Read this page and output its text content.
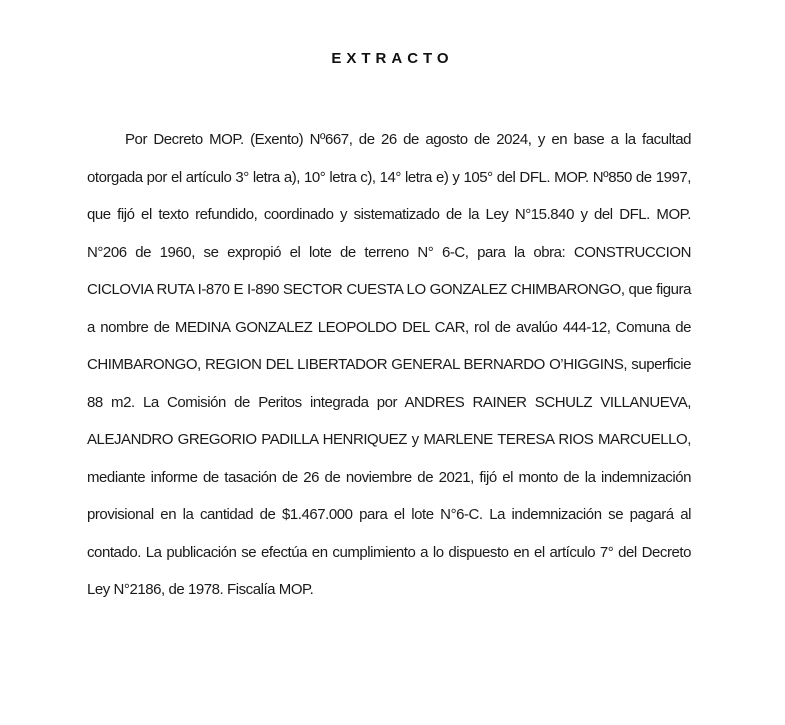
EXTRACTO

Por Decreto MOP. (Exento) Nº667, de 26 de agosto de 2024, y en base a la facultad otorgada por el artículo 3° letra a), 10° letra c), 14° letra e) y 105° del DFL. MOP. Nº850 de 1997, que fijó el texto refundido, coordinado y sistematizado de la Ley N°15.840 y del DFL. MOP. N°206 de 1960, se expropió el lote de terreno N° 6-C, para la obra: CONSTRUCCION CICLOVIA RUTA I-870 E I-890 SECTOR CUESTA LO GONZALEZ CHIMBARONGO, que figura a nombre de MEDINA GONZALEZ LEOPOLDO DEL CAR, rol de avalúo 444-12, Comuna de CHIMBARONGO, REGION DEL LIBERTADOR GENERAL BERNARDO O’HIGGINS, superficie 88 m2. La Comisión de Peritos integrada por ANDRES RAINER SCHULZ VILLANUEVA, ALEJANDRO GREGORIO PADILLA HENRIQUEZ y MARLENE TERESA RIOS MARCUELLO, mediante informe de tasación de 26 de noviembre de 2021, fijó el monto de la indemnización provisional en la cantidad de $1.467.000 para el lote N°6-C. La indemnización se pagará al contado. La publicación se efectúa en cumplimiento a lo dispuesto en el artículo 7° del Decreto Ley N°2186, de 1978. Fiscalía MOP.
